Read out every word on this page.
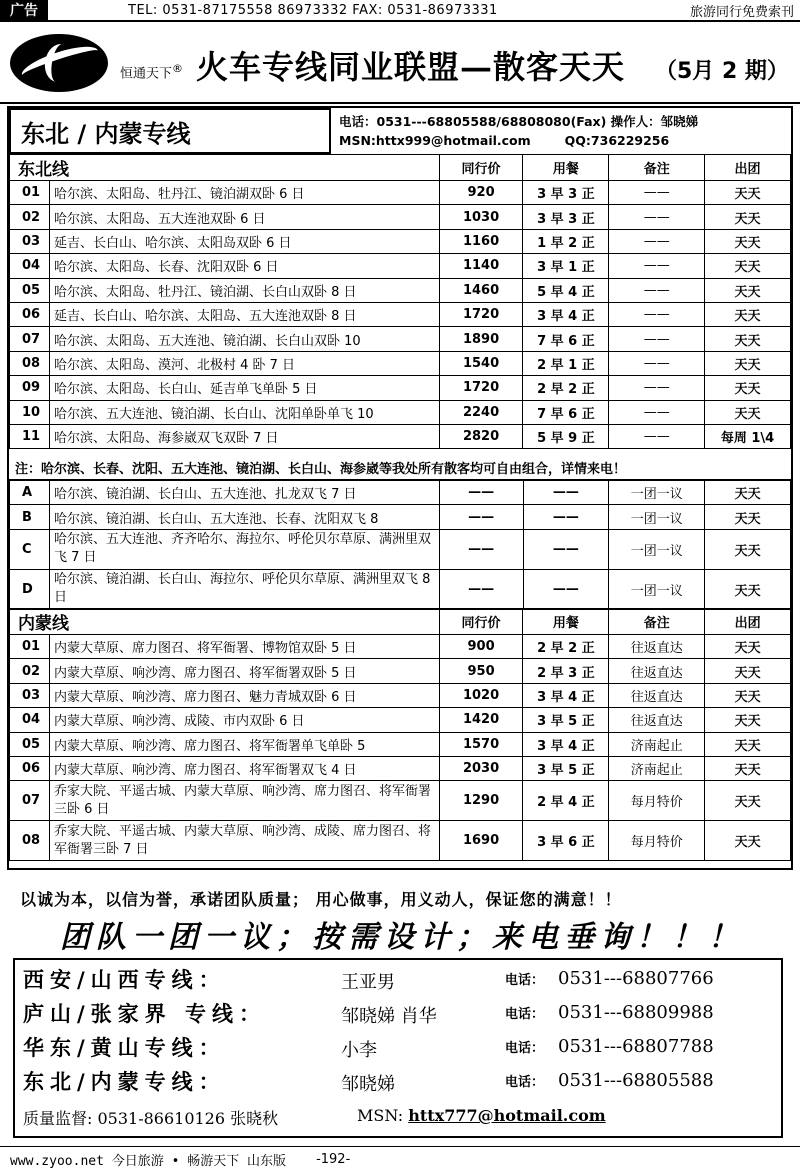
广告	TEL: 0531-87175558 86973332 FAX: 0531-86973331	旅游同行免费索刊
恒通天下® 火车专线同业联盟—散客天天 （5月 2 期）
东北 / 内蒙专线	电话：0531---68805588/68808080(Fax) 操作人：邹晓娣
MSN:httx999@hotmail.com	QQ:736229256
东北线		同行价	用餐	备注	出团
01	哈尔滨、太阳岛、牡丹江、镜泊湖双卧 6 日	920	3 早 3 正	——	天天
02	哈尔滨、太阳岛、五大连池双卧 6 日	1030	3 早 3 正	——	天天
03	延吉、长白山、哈尔滨、太阳岛双卧 6 日	1160	1 早 2 正	——	天天
04	哈尔滨、太阳岛、长春、沈阳双卧 6 日	1140	3 早 1 正	——	天天
05	哈尔滨、太阳岛、牡丹江、镜泊湖、长白山双卧 8 日	1460	5 早 4 正	——	天天
06	延吉、长白山、哈尔滨、太阳岛、五大连池双卧 8 日	1720	3 早 4 正	——	天天
07	哈尔滨、太阳岛、五大连池、镜泊湖、长白山双卧 10	1890	7 早 6 正	——	天天
08	哈尔滨、太阳岛、漠河、北极村 4 卧 7 日	1540	2 早 1 正	——	天天
09	哈尔滨、太阳岛、长白山、延吉单飞单卧 5 日	1720	2 早 2 正	——	天天
10	哈尔滨、五大连池、镜泊湖、长白山、沈阳单卧单飞 10	2240	7 早 6 正	——	天天
11	哈尔滨、太阳岛、海参崴双飞双卧 7 日	2820	5 早 9 正	——	每周 1\4
注：哈尔滨、长春、沈阳、五大连池、镜泊湖、长白山、海参崴等我处所有散客均可自由组合，详情来电！
A	哈尔滨、镜泊湖、长白山、五大连池、扎龙双飞 7 日	——	——	一团一议	天天
B	哈尔滨、镜泊湖、长白山、五大连池、长春、沈阳双飞 8	——	——	一团一议	天天
C	哈尔滨、五大连池、齐齐哈尔、海拉尔、呼伦贝尔草原、满洲里双飞 7 日	——	——	一团一议	天天
D	哈尔滨、镜泊湖、长白山、海拉尔、呼伦贝尔草原、满洲里双飞 8 日	——	——	一团一议	天天
内蒙线		同行价	用餐	备注	出团
01	内蒙大草原、席力图召、将军衙署、博物馆双卧 5 日	900	2 早 2 正	往返直达	天天
02	内蒙大草原、响沙湾、席力图召、将军衙署双卧 5 日	950	2 早 3 正	往返直达	天天
03	内蒙大草原、响沙湾、席力图召、魅力青城双卧 6 日	1020	3 早 4 正	往返直达	天天
04	内蒙大草原、响沙湾、成陵、市内双卧 6 日	1420	3 早 5 正	往返直达	天天
05	内蒙大草原、响沙湾、席力图召、将军衙署单飞单卧 5	1570	3 早 4 正	济南起止	天天
06	内蒙大草原、响沙湾、席力图召、将军衙署双飞 4 日	2030	3 早 5 正	济南起止	天天
07	乔家大院、平遥古城、内蒙大草原、响沙湾、席力图召、将军衙署三卧 6 日	1290	2 早 4 正	每月特价	天天
08	乔家大院、平遥古城、内蒙大草原、响沙湾、成陵、席力图召、将军衙署三卧 7 日	1690	3 早 6 正	每月特价	天天
以诚为本，以信为誉，承诺团队质量； 用心做事，用义动人，保证您的满意！！
团队一团一议；按需设计；来电垂询！！！
西安/山西专线：	王亚男	电话： 0531---68807766
庐山/张家界 专线：	邹晓娣 肖华	电话： 0531---68809988
华东/黄山专线：	小李	电话： 0531---68807788
东北/内蒙专线：	邹晓娣	电话： 0531---68805588
质量监督: 0531-86610126 张晓秋	MSN: httx777@hotmail.com
www.zyoo.net 今日旅游 • 畅游天下 山东版 -192-
